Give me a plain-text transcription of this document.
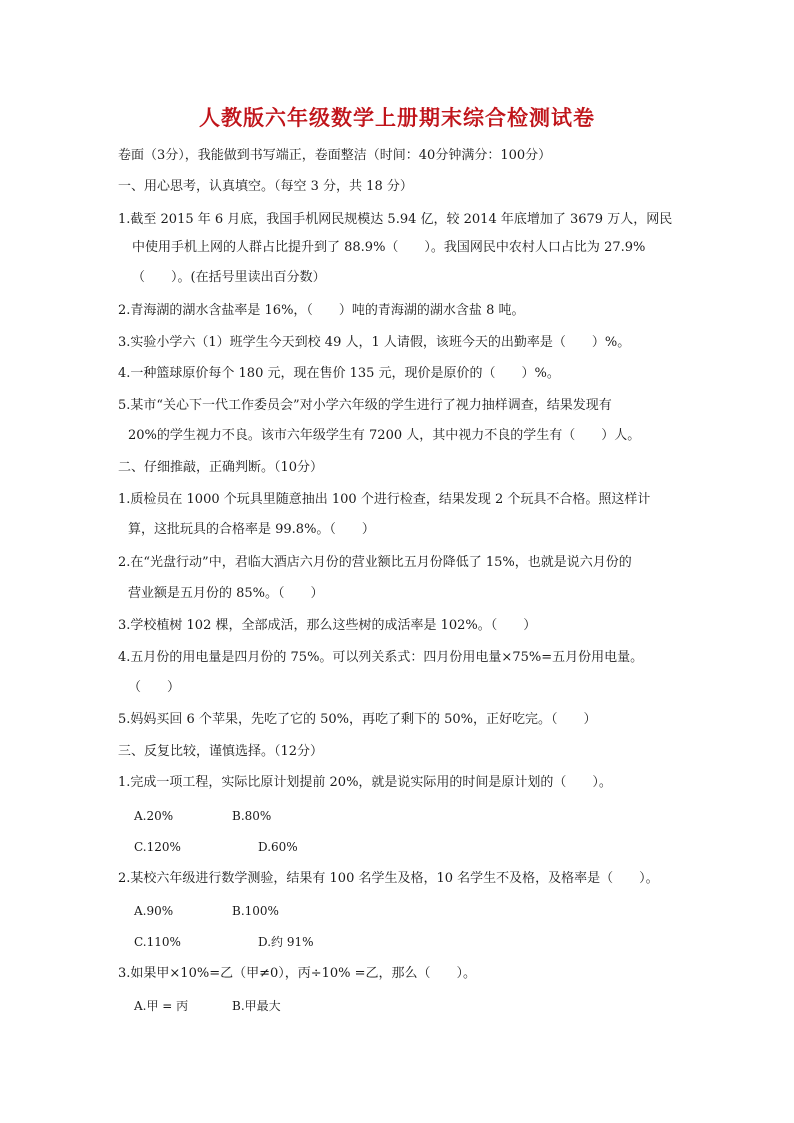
人教版六年级数学上册期末综合检测试卷
卷面（3分），我能做到书写端正，卷面整洁（时间：40分钟满分：100分）
一、用心思考，认真填空。（每空 3 分，共 18 分）
1.截至 2015 年 6 月底，我国手机网民规模达 5.94 亿，较 2014 年底增加了 3679 万人，网民
中使用手机上网的人群占比提升到了 88.9%（　　）。我国网民中农村人口占比为 27.9%
（　　）。(在括号里读出百分数）
2.青海湖的湖水含盐率是 16%，（　　）吨的青海湖的湖水含盐 8 吨。
3.实验小学六（1）班学生今天到校 49 人，1 人请假，该班今天的出勤率是（　　）%。
4.一种篮球原价每个 180 元，现在售价 135 元，现价是原价的（　　）%。
5.某市“关心下一代工作委员会”对小学六年级的学生进行了视力抽样调查，结果发现有
20%的学生视力不良。该市六年级学生有 7200 人，其中视力不良的学生有（　　）人。
二、仔细推敲，正确判断。（10分）
1.质检员在 1000 个玩具里随意抽出 100 个进行检查，结果发现 2 个玩具不合格。照这样计
算，这批玩具的合格率是 99.8%。（　　）
2.在“光盘行动”中，君临大酒店六月份的营业额比五月份降低了 15%，也就是说六月份的
营业额是五月份的 85%。（　　）
3.学校植树 102 棵，全部成活，那么这些树的成活率是 102%。（　　）
4.五月份的用电量是四月份的 75%。可以列关系式：四月份用电量×75%=五月份用电量。
（　　）
5.妈妈买回 6 个苹果，先吃了它的 50%，再吃了剩下的 50%，正好吃完。（　　）
三、反复比较，谨慎选择。（12分）
1.完成一项工程，实际比原计划提前 20%，就是说实际用的时间是原计划的（　　）。
A.20%	B.80%
C.120%	D.60%
2.某校六年级进行数学测验，结果有 100 名学生及格，10 名学生不及格，及格率是（　　）。
A.90%	B.100%
C.110%	D.约 91%
3.如果甲×10%=乙（甲≠0），丙÷10% =乙，那么（　　）。
A.甲 = 丙	B.甲最大
